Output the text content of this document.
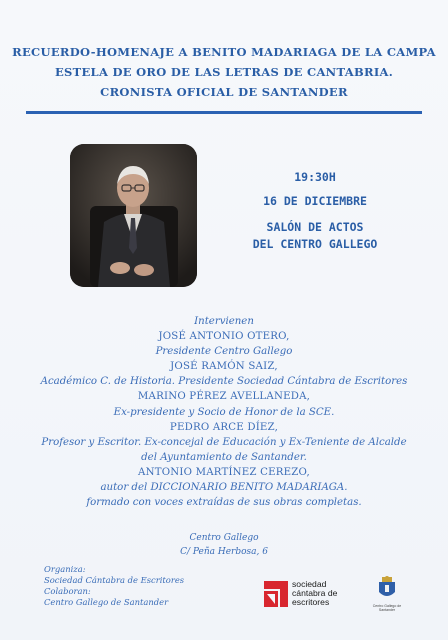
RECUERDO-HOMENAJE A BENITO MADARIAGA DE LA CAMPA
ESTELA DE ORO DE LAS LETRAS DE CANTABRIA.
CRONISTA OFICIAL DE SANTANDER
19:30H
16 DE DICIEMBRE
SALÓN DE ACTOS
DEL CENTRO GALLEGO
Intervienen
JOSÉ ANTONIO OTERO,
Presidente Centro Gallego
JOSÉ RAMÓN SAIZ,
Académico C. de Historia. Presidente Sociedad Cántabra de Escritores
MARINO PÉREZ AVELLANEDA,
Ex-presidente y Socio de Honor de la SCE.
PEDRO ARCE DÍEZ,
Profesor y Escritor. Ex-concejal de Educación y Ex-Teniente de Alcalde
del Ayuntamiento de Santander.
ANTONIO MARTÍNEZ CEREZO,
autor del DICCIONARIO BENITO MADARIAGA.
formado con voces extraídas de sus obras completas.
Centro Gallego
C/ Peña Herbosa, 6
Organiza:
Sociedad Cántabra de Escritores
Colaboran:
Centro Gallego de Santander
sociedad
cántabra de
escritores	Centro Gallego de Santander
